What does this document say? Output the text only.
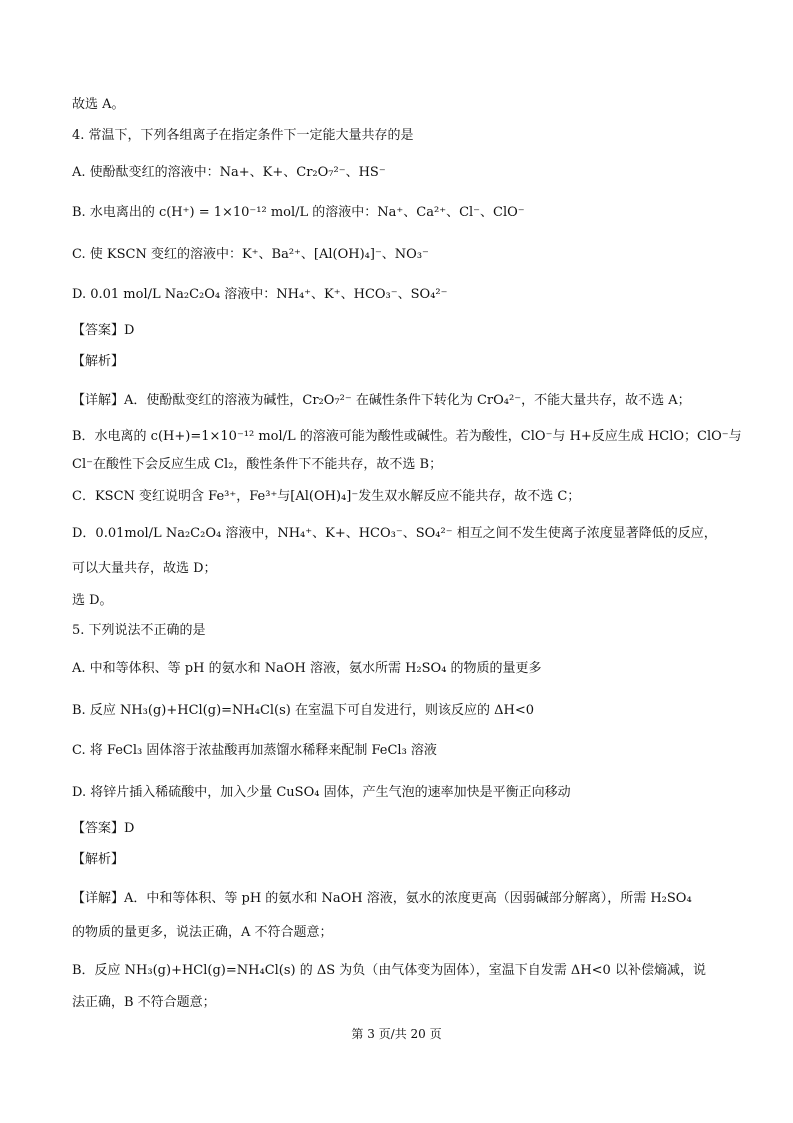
故选 A。
4. 常温下，下列各组离子在指定条件下一定能大量共存的是
A. 使酚酞变红的溶液中：Na+、K+、Cr₂O₇²⁻、HS⁻
B. 水电离出的 c(H⁺) = 1×10⁻¹² mol/L 的溶液中：Na⁺、Ca²⁺、Cl⁻、ClO⁻
C. 使 KSCN 变红的溶液中：K⁺、Ba²⁺、[Al(OH)₄]⁻、NO₃⁻
D. 0.01 mol/L Na₂C₂O₄ 溶液中：NH₄⁺、K⁺、HCO₃⁻、SO₄²⁻
【答案】D
【解析】
【详解】A．使酚酞变红的溶液为碱性，Cr₂O₇²⁻ 在碱性条件下转化为 CrO₄²⁻，不能大量共存，故不选 A；
B．水电离的 c(H+)=1×10⁻¹² mol/L 的溶液可能为酸性或碱性。若为酸性，ClO⁻与 H+反应生成 HClO；ClO⁻与
Cl⁻在酸性下会反应生成 Cl₂，酸性条件下不能共存，故不选 B；
C．KSCN 变红说明含 Fe³⁺，Fe³⁺与[Al(OH)₄]⁻发生双水解反应不能共存，故不选 C；
D．0.01mol/L Na₂C₂O₄ 溶液中，NH₄⁺、K+、HCO₃⁻、SO₄²⁻ 相互之间不发生使离子浓度显著降低的反应，
可以大量共存，故选 D；
选 D。
5. 下列说法不正确的是
A. 中和等体积、等 pH 的氨水和 NaOH 溶液，氨水所需 H₂SO₄ 的物质的量更多
B. 反应 NH₃(g)+HCl(g)=NH₄Cl(s) 在室温下可自发进行，则该反应的 ΔH<0
C. 将 FeCl₃ 固体溶于浓盐酸再加蒸馏水稀释来配制 FeCl₃ 溶液
D. 将锌片插入稀硫酸中，加入少量 CuSO₄ 固体，产生气泡的速率加快是平衡正向移动
【答案】D
【解析】
【详解】A．中和等体积、等 pH 的氨水和 NaOH 溶液，氨水的浓度更高（因弱碱部分解离），所需 H₂SO₄
的物质的量更多，说法正确，A 不符合题意；
B．反应 NH₃(g)+HCl(g)=NH₄Cl(s) 的 ΔS 为负（由气体变为固体），室温下自发需 ΔH<0 以补偿熵减，说
法正确，B 不符合题意；
第 3 页/共 20 页
